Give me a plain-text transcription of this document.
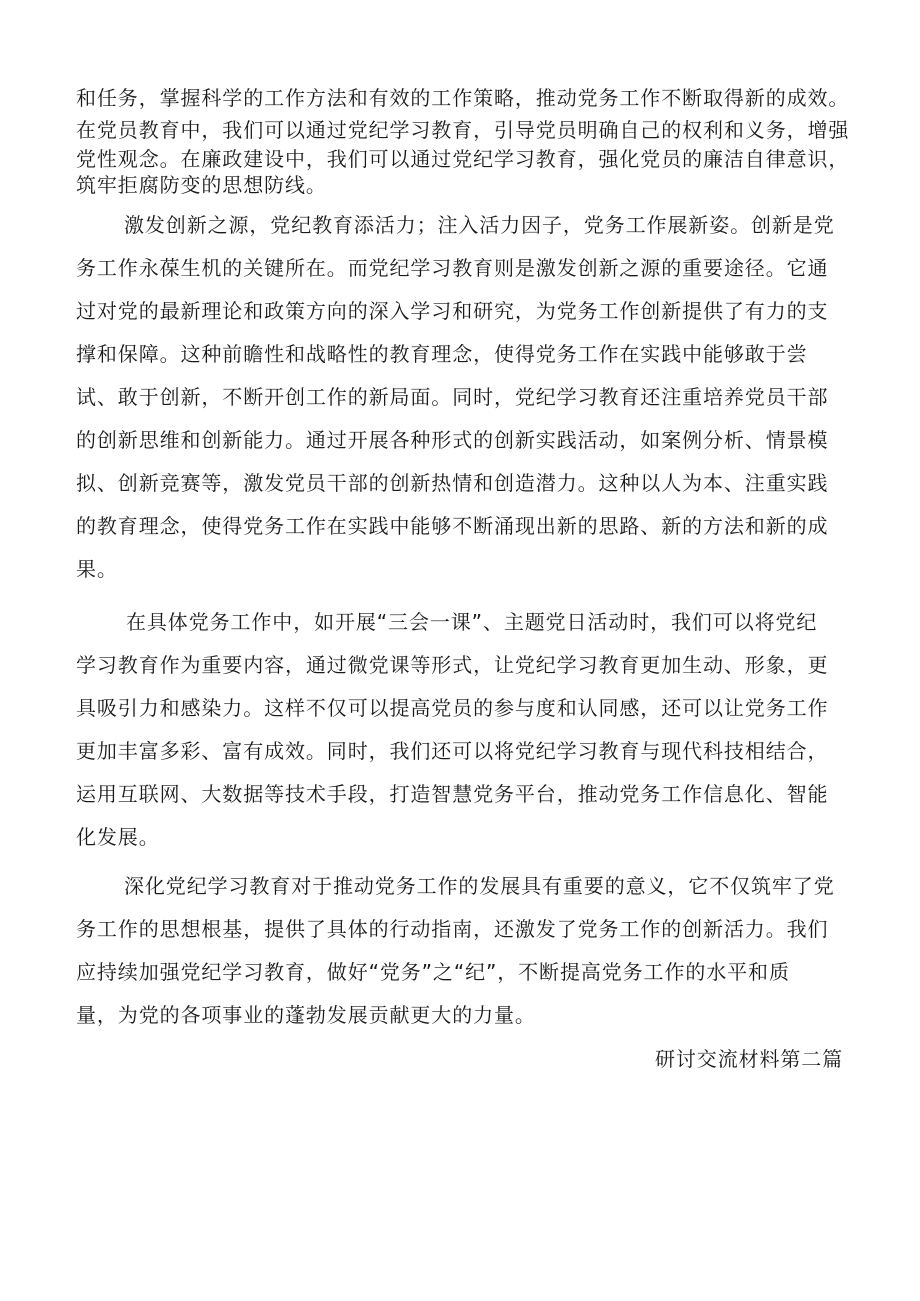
和任务，掌握科学的工作方法和有效的工作策略，推动党务工作不断取得新的成效。
在党员教育中，我们可以通过党纪学习教育，引导党员明确自己的权利和义务，增强
党性观念。在廉政建设中，我们可以通过党纪学习教育，强化党员的廉洁自律意识，
筑牢拒腐防变的思想防线。
激发创新之源，党纪教育添活力；注入活力因子，党务工作展新姿。创新是党
务工作永葆生机的关键所在。而党纪学习教育则是激发创新之源的重要途径。它通
过对党的最新理论和政策方向的深入学习和研究，为党务工作创新提供了有力的支
撑和保障。这种前瞻性和战略性的教育理念，使得党务工作在实践中能够敢于尝
试、敢于创新，不断开创工作的新局面。同时，党纪学习教育还注重培养党员干部
的创新思维和创新能力。通过开展各种形式的创新实践活动，如案例分析、情景模
拟、创新竞赛等，激发党员干部的创新热情和创造潜力。这种以人为本、注重实践
的教育理念，使得党务工作在实践中能够不断涌现出新的思路、新的方法和新的成
果。
在具体党务工作中，如开展“三会一课”、主题党日活动时，我们可以将党纪
学习教育作为重要内容，通过微党课等形式，让党纪学习教育更加生动、形象，更
具吸引力和感染力。这样不仅可以提高党员的参与度和认同感，还可以让党务工作
更加丰富多彩、富有成效。同时，我们还可以将党纪学习教育与现代科技相结合，
运用互联网、大数据等技术手段，打造智慧党务平台，推动党务工作信息化、智能
化发展。
深化党纪学习教育对于推动党务工作的发展具有重要的意义，它不仅筑牢了党
务工作的思想根基，提供了具体的行动指南，还激发了党务工作的创新活力。我们
应持续加强党纪学习教育，做好“党务”之“纪”，不断提高党务工作的水平和质
量，为党的各项事业的蓬勃发展贡献更大的力量。
研讨交流材料第二篇
